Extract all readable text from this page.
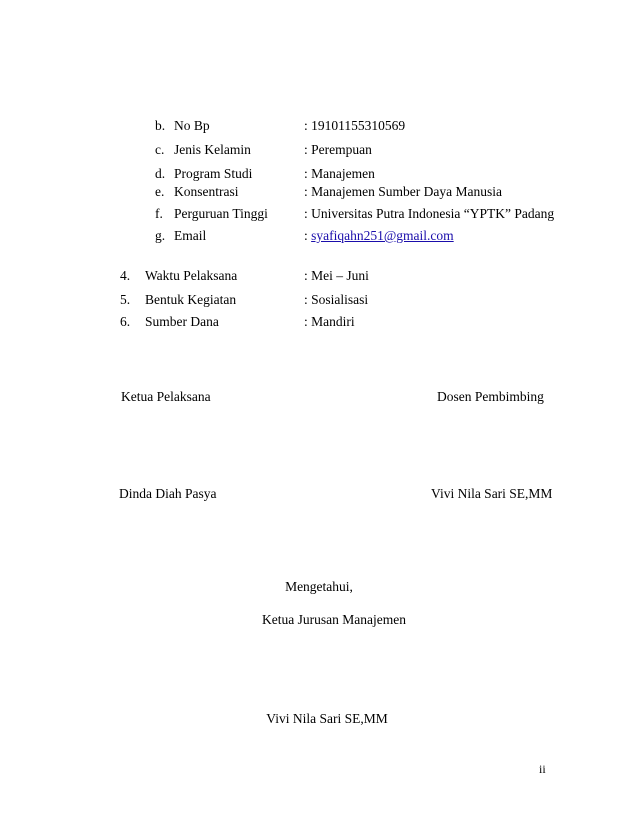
b. No Bp	: 19101155310569
c. Jenis Kelamin	: Perempuan
d. Program Studi	: Manajemen
e. Konsentrasi	: Manajemen Sumber Daya Manusia
f. Perguruan Tinggi	: Universitas Putra Indonesia “YPTK” Padang
g. Email	: syafiqahn251@gmail.com
4. Waktu Pelaksana	: Mei – Juni
5. Bentuk Kegiatan	: Sosialisasi
6. Sumber Dana	: Mandiri
Ketua Pelaksana	Dosen Pembimbing
Dinda Diah Pasya	Vivi Nila Sari SE,MM
Mengetahui,
Ketua Jurusan Manajemen
Vivi Nila Sari SE,MM
ii
